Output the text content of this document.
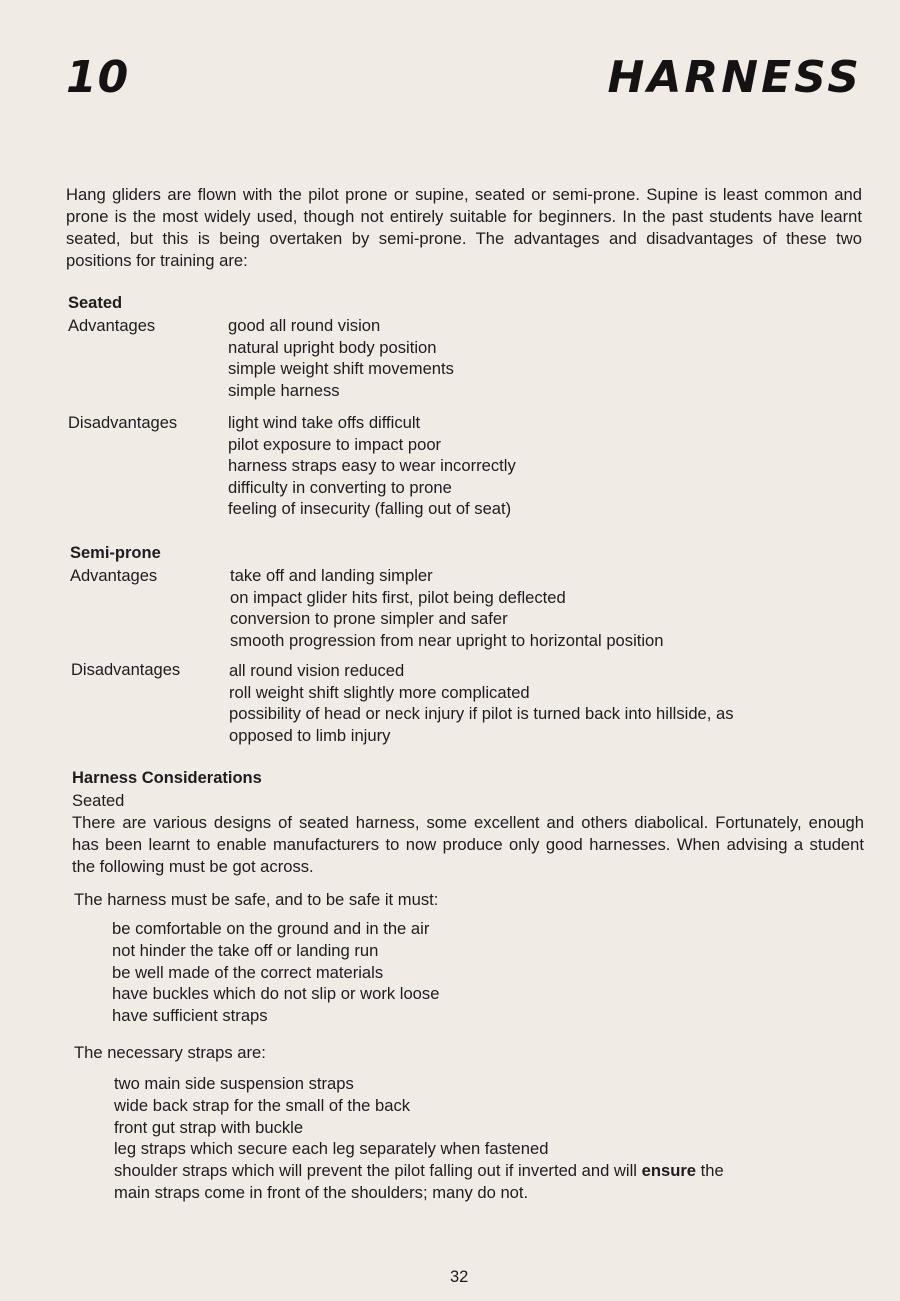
10	HARNESS

Hang gliders are flown with the pilot prone or supine, seated or semi-prone. Supine is least common and prone is the most widely used, though not entirely suitable for beginners. In the past students have learnt seated, but this is being overtaken by semi-prone. The advantages and disadvantages of these two positions for training are:

Seated
Advantages	good all round vision
natural upright body position
simple weight shift movements
simple harness
Disadvantages	light wind take offs difficult
pilot exposure to impact poor
harness straps easy to wear incorrectly
difficulty in converting to prone
feeling of insecurity (falling out of seat)
Semi-prone
Advantages	take off and landing simpler
on impact glider hits first, pilot being deflected
conversion to prone simpler and safer
smooth progression from near upright to horizontal position
Disadvantages	all round vision reduced
roll weight shift slightly more complicated
possibility of head or neck injury if pilot is turned back into hillside, as
opposed to limb injury
Harness Considerations
Seated

There are various designs of seated harness, some excellent and others diabolical. Fortunately, enough has been learnt to enable manufacturers to now produce only good harnesses. When advising a student the following must be got across.

The harness must be safe, and to be safe it must:
be comfortable on the ground and in the air
not hinder the take off or landing run
be well made of the correct materials
have buckles which do not slip or work loose
have sufficient straps
The necessary straps are:
two main side suspension straps
wide back strap for the small of the back
front gut strap with buckle
leg straps which secure each leg separately when fastened
shoulder straps which will prevent the pilot falling out if inverted and will ensure the
main straps come in front of the shoulders; many do not.
32
